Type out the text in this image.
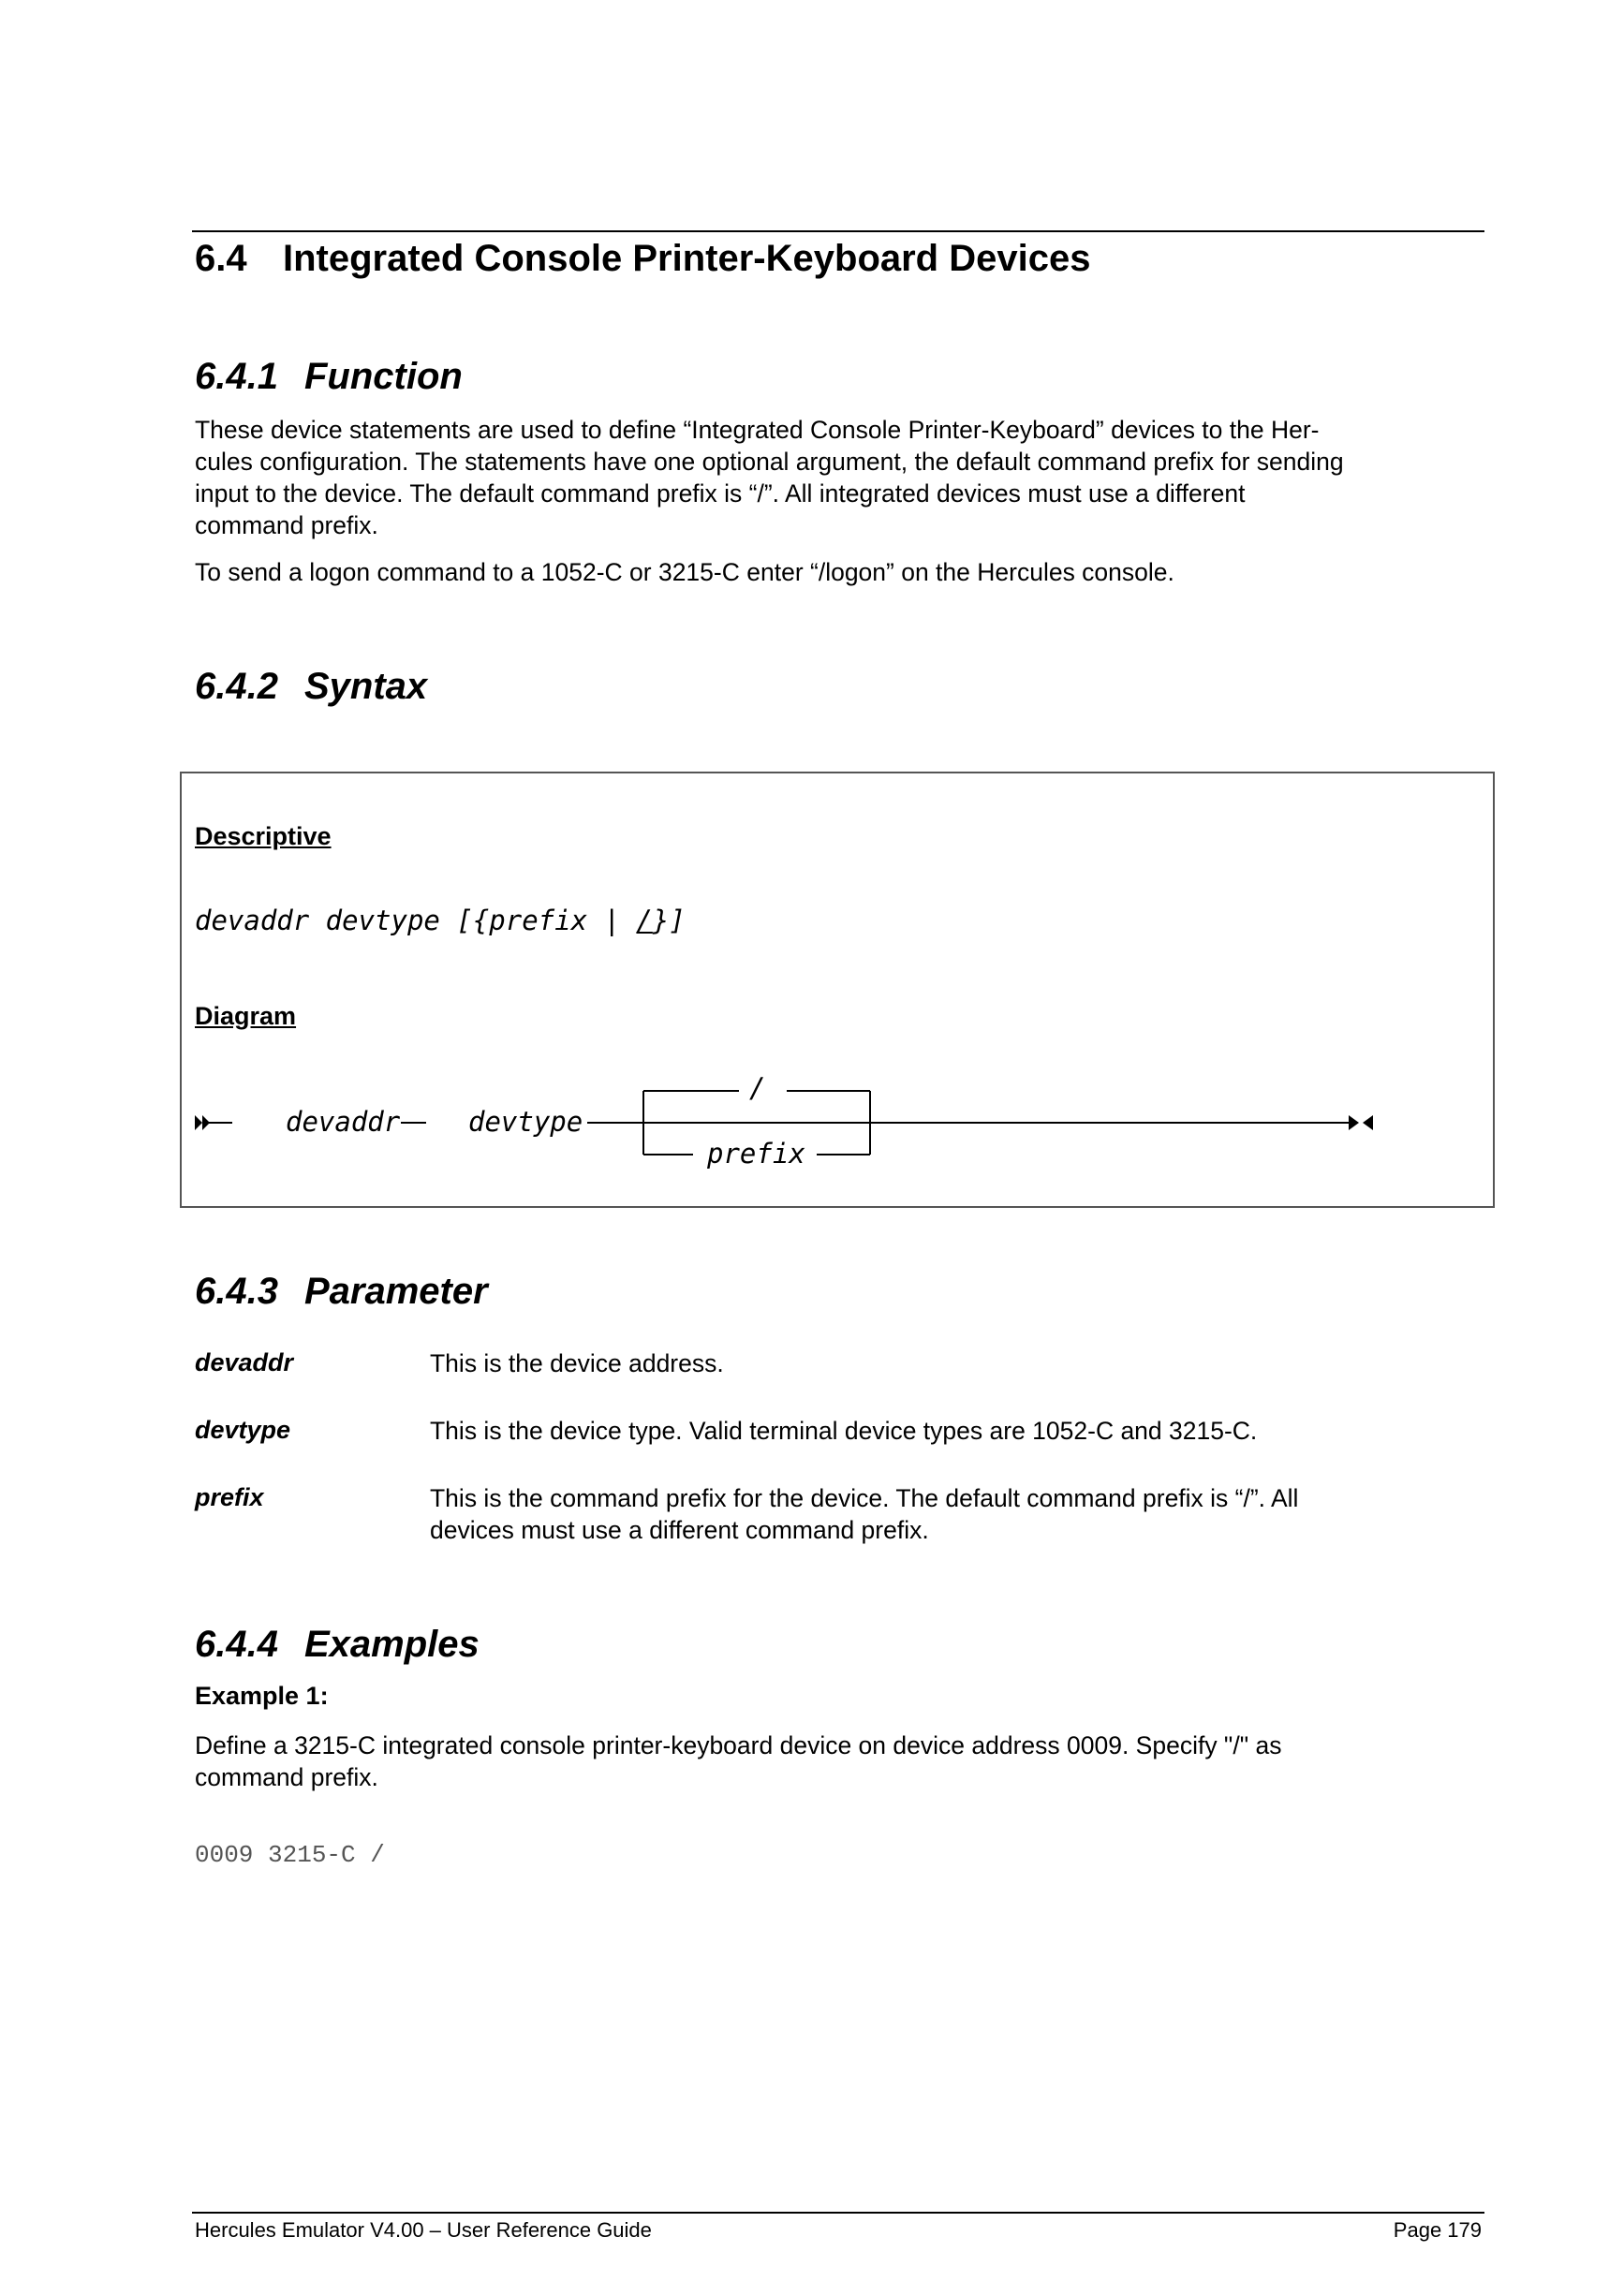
6.4 Integrated Console Printer-Keyboard Devices
6.4.1 Function
These device statements are used to define “Integrated Console Printer-Keyboard” devices to the Her-
cules configuration. The statements have one optional argument, the default command prefix for sending
input to the device. The default command prefix is “/”. All integrated devices must use a different
command prefix.
To send a logon command to a 1052-C or 3215-C enter “/logon” on the Hercules console.
6.4.2 Syntax
Descriptive
devaddr devtype [{prefix | /}]
Diagram
devaddr	devtype
/
prefix
6.4.3 Parameter
devaddr	This is the device address.
devtype	This is the device type. Valid terminal device types are 1052-C and 3215-C.
prefix	This is the command prefix for the device. The default command prefix is “/”. All
devices must use a different command prefix.
6.4.4 Examples
Example 1:
Define a 3215-C integrated console printer-keyboard device on device address 0009. Specify "/" as
command prefix.
0009 3215-C /
Hercules Emulator V4.00 – User Reference Guide	Page 179
